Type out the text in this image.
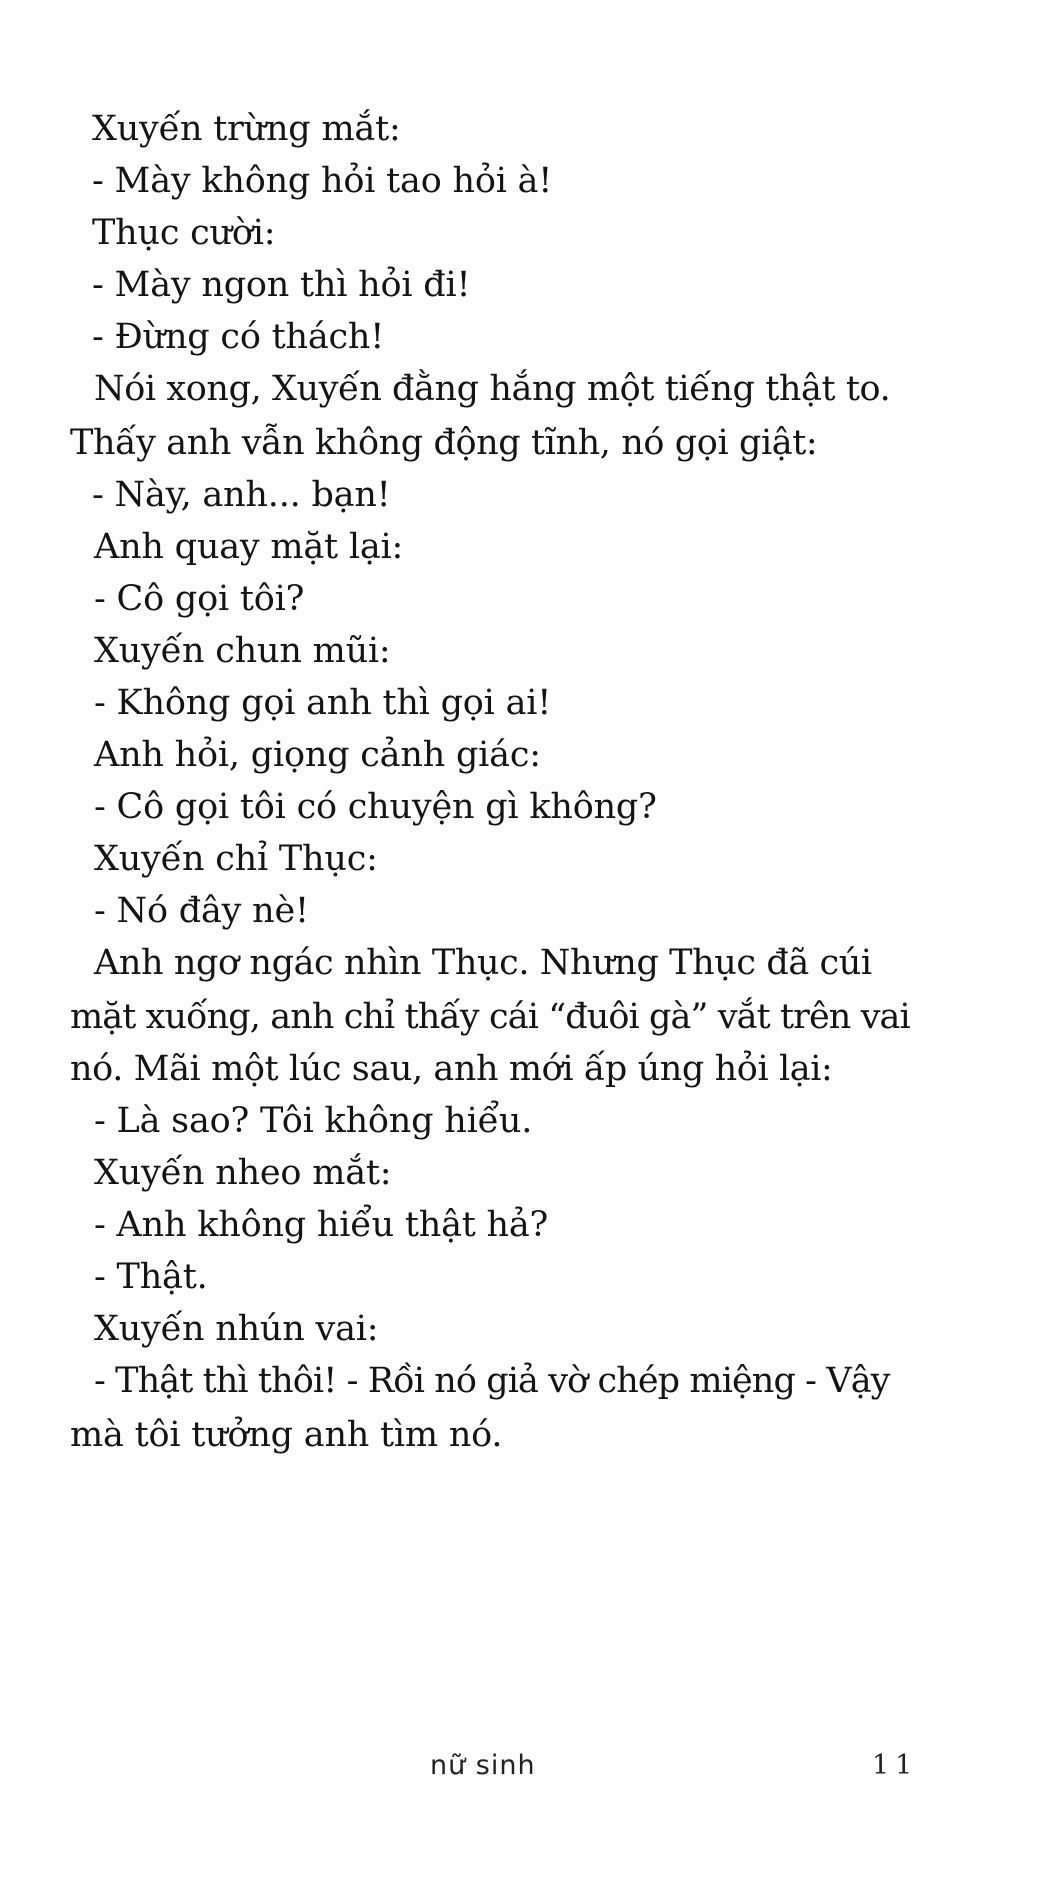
Xuyến trừng mắt:
- Mày không hỏi tao hỏi à!
Thục cười:
- Mày ngon thì hỏi đi!
- Đừng có thách!
Nói xong, Xuyến đằng hắng một tiếng thật to.
Thấy anh vẫn không động tĩnh, nó gọi giật:
- Này, anh... bạn!
Anh quay mặt lại:
- Cô gọi tôi?
Xuyến chun mũi:
- Không gọi anh thì gọi ai!
Anh hỏi, giọng cảnh giác:
- Cô gọi tôi có chuyện gì không?
Xuyến chỉ Thục:
- Nó đây nè!
Anh ngơ ngác nhìn Thục. Nhưng Thục đã cúi
mặt xuống, anh chỉ thấy cái “đuôi gà” vắt trên vai
nó. Mãi một lúc sau, anh mới ấp úng hỏi lại:
- Là sao? Tôi không hiểu.
Xuyến nheo mắt:
- Anh không hiểu thật hả?
- Thật.
Xuyến nhún vai:
- Thật thì thôi! - Rồi nó giả vờ chép miệng - Vậy
mà tôi tưởng anh tìm nó.
nữ sinh	11
